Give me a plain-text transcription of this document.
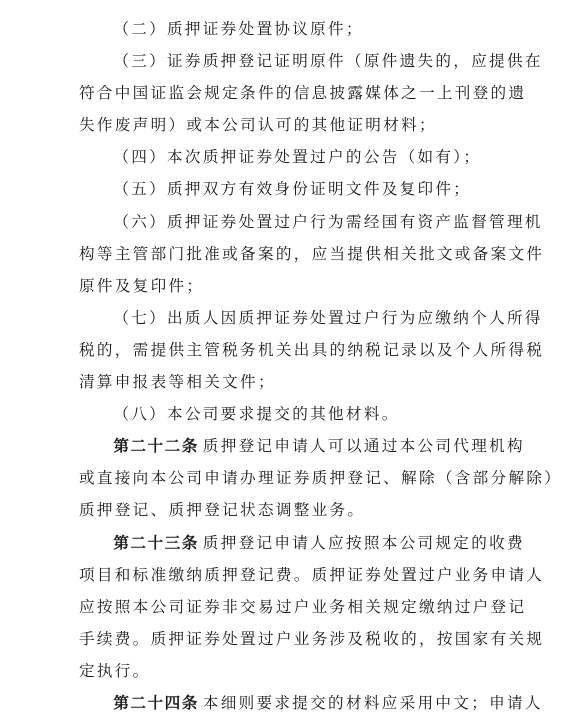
（二）质押证券处置协议原件；

（三）证券质押登记证明原件（原件遗失的，应提供在
符合中国证监会规定条件的信息披露媒体之一上刊登的遗
失作废声明）或本公司认可的其他证明材料；

（四）本次质押证券处置过户的公告（如有）；

（五）质押双方有效身份证明文件及复印件；

（六）质押证券处置过户行为需经国有资产监督管理机
构等主管部门批准或备案的，应当提供相关批文或备案文件
原件及复印件；

（七）出质人因质押证券处置过户行为应缴纳个人所得
税的，需提供主管税务机关出具的纳税记录以及个人所得税
清算申报表等相关文件；

（八）本公司要求提交的其他材料。

第二十二条 质押登记申请人可以通过本公司代理机构
或直接向本公司申请办理证券质押登记、解除（含部分解除）
质押登记、质押登记状态调整业务。

第二十三条 质押登记申请人应按照本公司规定的收费
项目和标准缴纳质押登记费。质押证券处置过户业务申请人
应按照本公司证券非交易过户业务相关规定缴纳过户登记
手续费。质押证券处置过户业务涉及税收的，按国家有关规
定执行。

第二十四条 本细则要求提交的材料应采用中文；申请人
